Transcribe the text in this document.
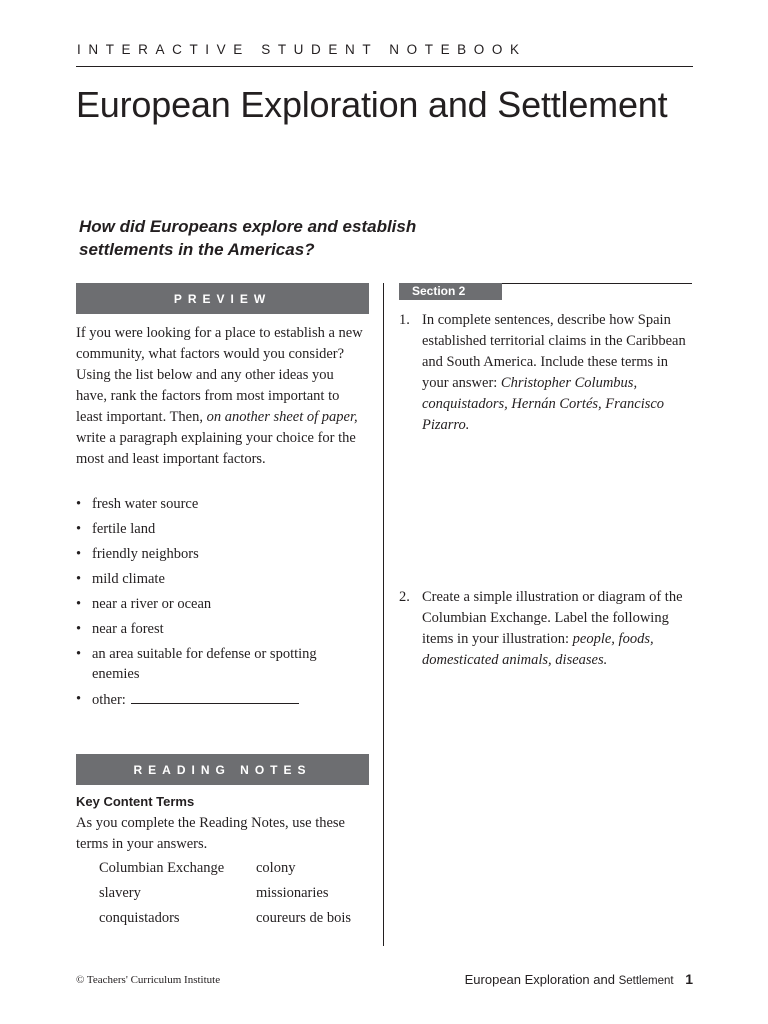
INTERACTIVE STUDENT NOTEBOOK
European Exploration and Settlement

How did Europeans explore and establish settlements in the Americas?

PREVIEW

If you were looking for a place to establish a new community, what factors would you consider? Using the list below and any other ideas you have, rank the factors from most important to least important. Then, on another sheet of paper, write a paragraph explaining your choice for the most and least important factors.

• fresh water source
• fertile land
• friendly neighbors
• mild climate
• near a river or ocean
• near a forest
• an area suitable for defense or spotting enemies
• other:
READING NOTES

Key Content Terms

As you complete the Reading Notes, use these terms in your answers.

Columbian Exchange	colony
slavery	missionaries
conquistadors	coureurs de bois
Section 2
1. In complete sentences, describe how Spain established territorial claims in the Caribbean and South America. Include these terms in your answer: Christopher Columbus, conquistadors, Hernán Cortés, Francisco Pizarro.
2. Create a simple illustration or diagram of the Columbian Exchange. Label the following items in your illustration: people, foods, domesticated animals, diseases.
© Teachers' Curriculum Institute	European Exploration and Settlement 1
